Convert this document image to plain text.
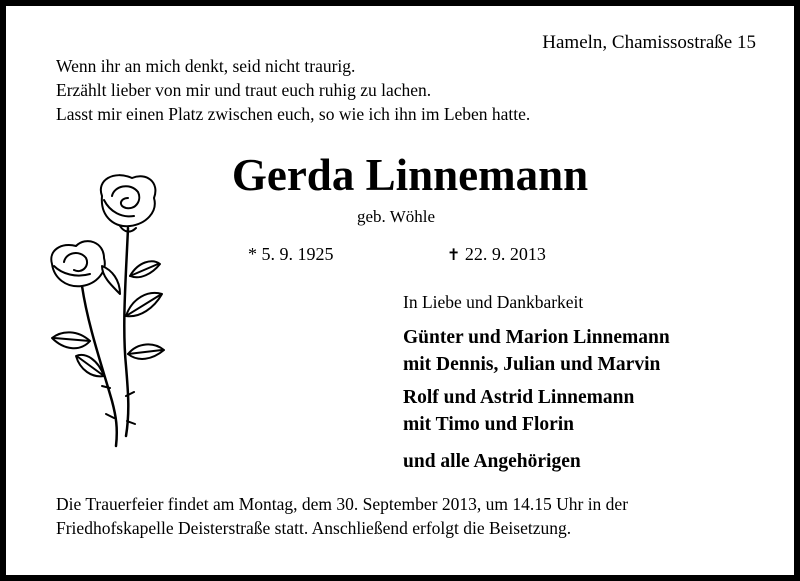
Hameln, Chamissostraße 15
Wenn ihr an mich denkt, seid nicht traurig.
Erzählt lieber von mir und traut euch ruhig zu lachen.
Lasst mir einen Platz zwischen euch, so wie ich ihn im Leben hatte.
Gerda Linnemann
geb. Wöhle
* 5. 9. 1925	✝ 22. 9. 2013
In Liebe und Dankbarkeit
Günter und Marion Linnemann
mit Dennis, Julian und Marvin
Rolf und Astrid Linnemann
mit Timo und Florin
und alle Angehörigen
Die Trauerfeier findet am Montag, dem 30. September 2013, um 14.15 Uhr in der
Friedhofskapelle Deisterstraße statt. Anschließend erfolgt die Beisetzung.
